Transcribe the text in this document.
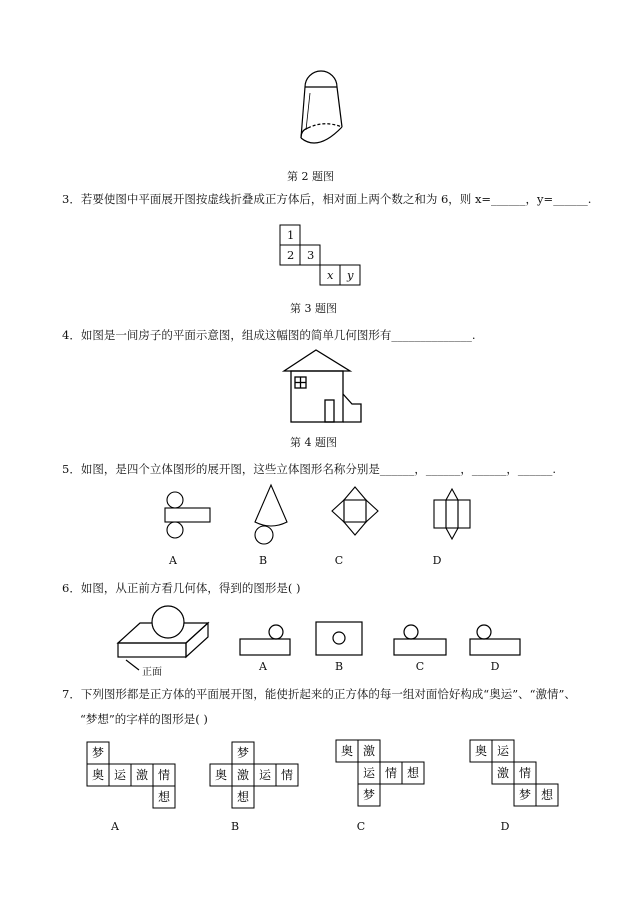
第 2 题图
3．若要使图中平面展开图按虚线折叠成正方体后，相对面上两个数之和为 6，则 x=______，y=______.
1
2 3
x y
第 3 题图
4．如图是一间房子的平面示意图，组成这幅图的简单几何图形有______________.
第 4 题图
5．如图，是四个立体图形的展开图，这些立体图形名称分别是______，______，______，______.
A	B	C	D
6．如图，从正前方看几何体，得到的图形是( )
正面	A	B	C	D
7．下列图形都是正方体的平面展开图，能使折起来的正方体的每一组对面恰好构成“奥运”、“激情”、
“梦想”的字样的图形是( )
梦
奥 运 激 情
想
梦
奥 激 运 情
想
奥 激
运 情 想
梦
奥 运
激 情
梦 想
A	B	C	D
